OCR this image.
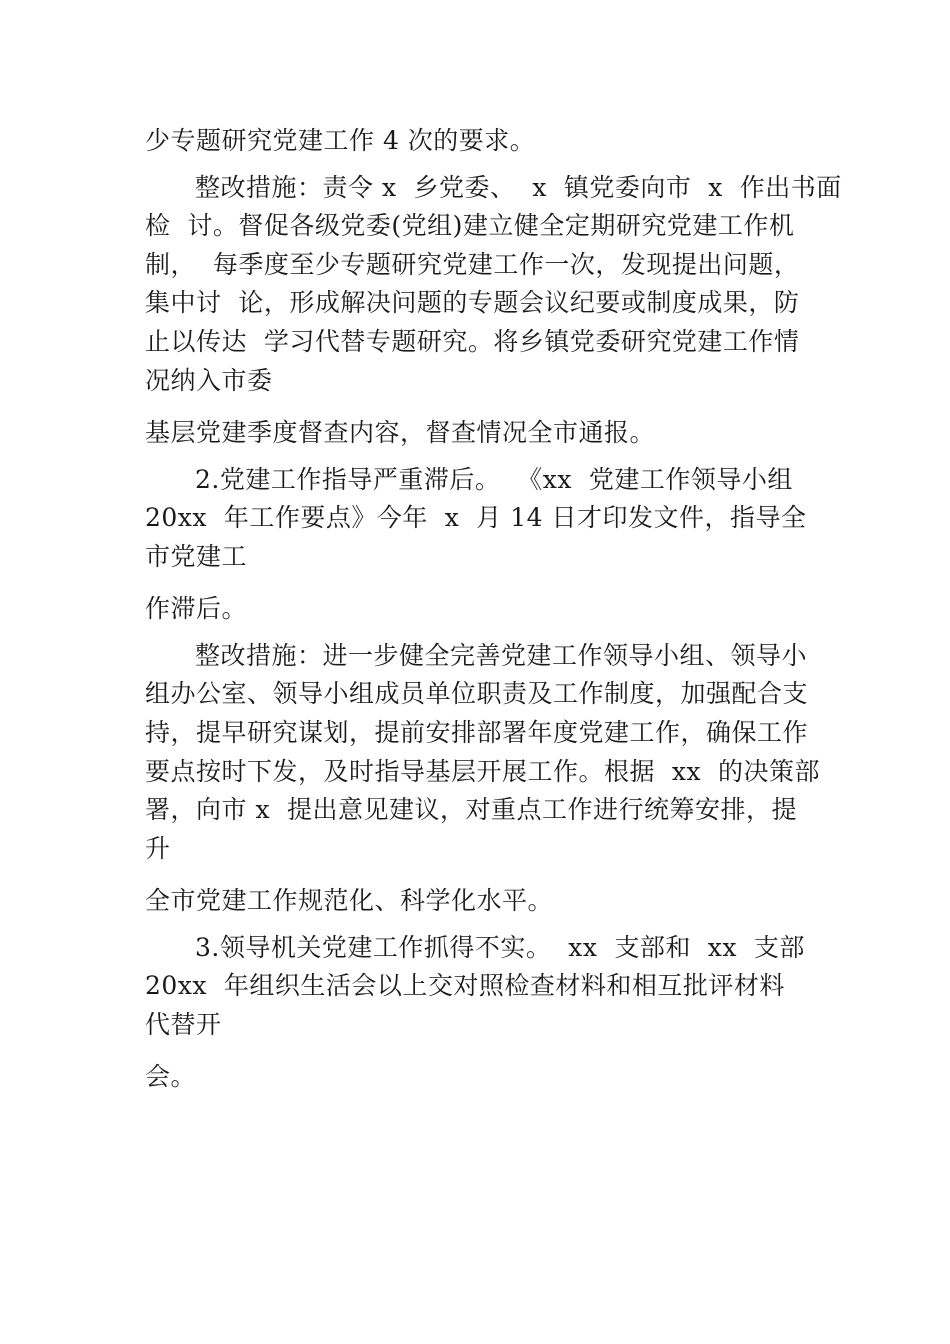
少专题研究党建工作 4 次的要求。
整改措施：责令 x  乡党委、  x  镇党委向市  x  作出书面
检  讨。督促各级党委(党组)建立健全定期研究党建工作机
制，  每季度至少专题研究党建工作一次，发现提出问题，
集中讨  论，形成解决问题的专题会议纪要或制度成果，防
止以传达  学习代替专题研究。将乡镇党委研究党建工作情
况纳入市委
基层党建季度督查内容，督查情况全市通报。
2.党建工作指导严重滞后。  《xx  党建工作领导小组
20xx  年工作要点》今年  x  月 14 日才印发文件，指导全
市党建工
作滞后。
整改措施：进一步健全完善党建工作领导小组、领导小
组办公室、领导小组成员单位职责及工作制度，加强配合支
持，提早研究谋划，提前安排部署年度党建工作，确保工作
要点按时下发，及时指导基层开展工作。根据  xx  的决策部
署，向市 x  提出意见建议，对重点工作进行统筹安排，提
升
全市党建工作规范化、科学化水平。
3.领导机关党建工作抓得不实。  xx  支部和  xx  支部
20xx  年组织生活会以上交对照检查材料和相互批评材料
代替开
会。
